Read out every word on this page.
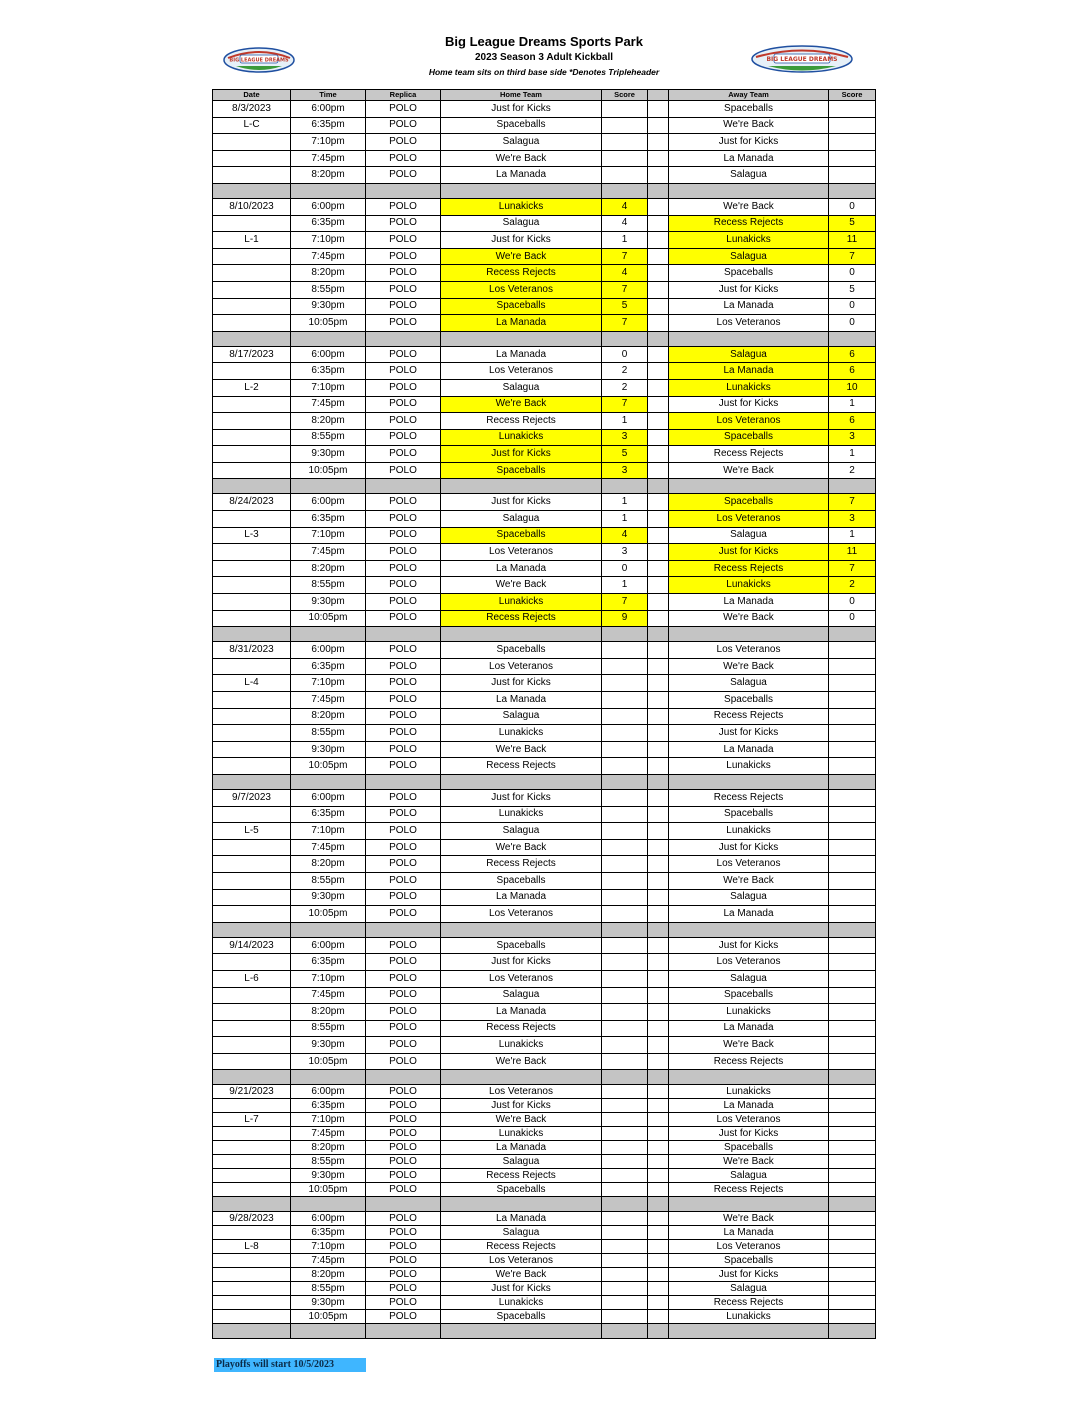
Big League Dreams Sports Park
2023 Season 3 Adult Kickball
Home team sits on third base side *Denotes Tripleheader
BIG LEAGUE DREAMS	BIG LEAGUE DREAMS
Date	Time	Replica	Home Team	Score		Away Team	Score
8/3/2023	6:00pm	POLO	Just for Kicks			Spaceballs	
L-C	6:35pm	POLO	Spaceballs			We're Back	
	7:10pm	POLO	Salagua			Just for Kicks	
	7:45pm	POLO	We're Back			La Manada	
	8:20pm	POLO	La Manada			Salagua	

8/10/2023	6:00pm	POLO	Lunakicks	4		We're Back	0
	6:35pm	POLO	Salagua	4		Recess Rejects	5
L-1	7:10pm	POLO	Just for Kicks	1		Lunakicks	11
	7:45pm	POLO	We're Back	7		Salagua	7
	8:20pm	POLO	Recess Rejects	4		Spaceballs	0
	8:55pm	POLO	Los Veteranos	7		Just for Kicks	5
	9:30pm	POLO	Spaceballs	5		La Manada	0
	10:05pm	POLO	La Manada	7		Los Veteranos	0

8/17/2023	6:00pm	POLO	La Manada	0		Salagua	6
	6:35pm	POLO	Los Veteranos	2		La Manada	6
L-2	7:10pm	POLO	Salagua	2		Lunakicks	10
	7:45pm	POLO	We're Back	7		Just for Kicks	1
	8:20pm	POLO	Recess Rejects	1		Los Veteranos	6
	8:55pm	POLO	Lunakicks	3		Spaceballs	3
	9:30pm	POLO	Just for Kicks	5		Recess Rejects	1
	10:05pm	POLO	Spaceballs	3		We're Back	2

8/24/2023	6:00pm	POLO	Just for Kicks	1		Spaceballs	7
	6:35pm	POLO	Salagua	1		Los Veteranos	3
L-3	7:10pm	POLO	Spaceballs	4		Salagua	1
	7:45pm	POLO	Los Veteranos	3		Just for Kicks	11
	8:20pm	POLO	La Manada	0		Recess Rejects	7
	8:55pm	POLO	We're Back	1		Lunakicks	2
	9:30pm	POLO	Lunakicks	7		La Manada	0
	10:05pm	POLO	Recess Rejects	9		We're Back	0

8/31/2023	6:00pm	POLO	Spaceballs			Los Veteranos	
	6:35pm	POLO	Los Veteranos			We're Back	
L-4	7:10pm	POLO	Just for Kicks			Salagua	
	7:45pm	POLO	La Manada			Spaceballs	
	8:20pm	POLO	Salagua			Recess Rejects	
	8:55pm	POLO	Lunakicks			Just for Kicks	
	9:30pm	POLO	We're Back			La Manada	
	10:05pm	POLO	Recess Rejects			Lunakicks	

9/7/2023	6:00pm	POLO	Just for Kicks			Recess Rejects	
	6:35pm	POLO	Lunakicks			Spaceballs	
L-5	7:10pm	POLO	Salagua			Lunakicks	
	7:45pm	POLO	We're Back			Just for Kicks	
	8:20pm	POLO	Recess Rejects			Los Veteranos	
	8:55pm	POLO	Spaceballs			We're Back	
	9:30pm	POLO	La Manada			Salagua	
	10:05pm	POLO	Los Veteranos			La Manada	

9/14/2023	6:00pm	POLO	Spaceballs			Just for Kicks	
	6:35pm	POLO	Just for Kicks			Los Veteranos	
L-6	7:10pm	POLO	Los Veteranos			Salagua	
	7:45pm	POLO	Salagua			Spaceballs	
	8:20pm	POLO	La Manada			Lunakicks	
	8:55pm	POLO	Recess Rejects			La Manada	
	9:30pm	POLO	Lunakicks			We're Back	
	10:05pm	POLO	We're Back			Recess Rejects	

9/21/2023	6:00pm	POLO	Los Veteranos			Lunakicks	
	6:35pm	POLO	Just for Kicks			La Manada	
L-7	7:10pm	POLO	We're Back			Los Veteranos	
	7:45pm	POLO	Lunakicks			Just for Kicks	
	8:20pm	POLO	La Manada			Spaceballs	
	8:55pm	POLO	Salagua			We're Back	
	9:30pm	POLO	Recess Rejects			Salagua	
	10:05pm	POLO	Spaceballs			Recess Rejects	

9/28/2023	6:00pm	POLO	La Manada			We're Back	
	6:35pm	POLO	Salagua			La Manada	
L-8	7:10pm	POLO	Recess Rejects			Los Veteranos	
	7:45pm	POLO	Los Veteranos			Spaceballs	
	8:20pm	POLO	We're Back			Just for Kicks	
	8:55pm	POLO	Just for Kicks			Salagua	
	9:30pm	POLO	Lunakicks			Recess Rejects	
	10:05pm	POLO	Spaceballs			Lunakicks	

Playoffs will start 10/5/2023
